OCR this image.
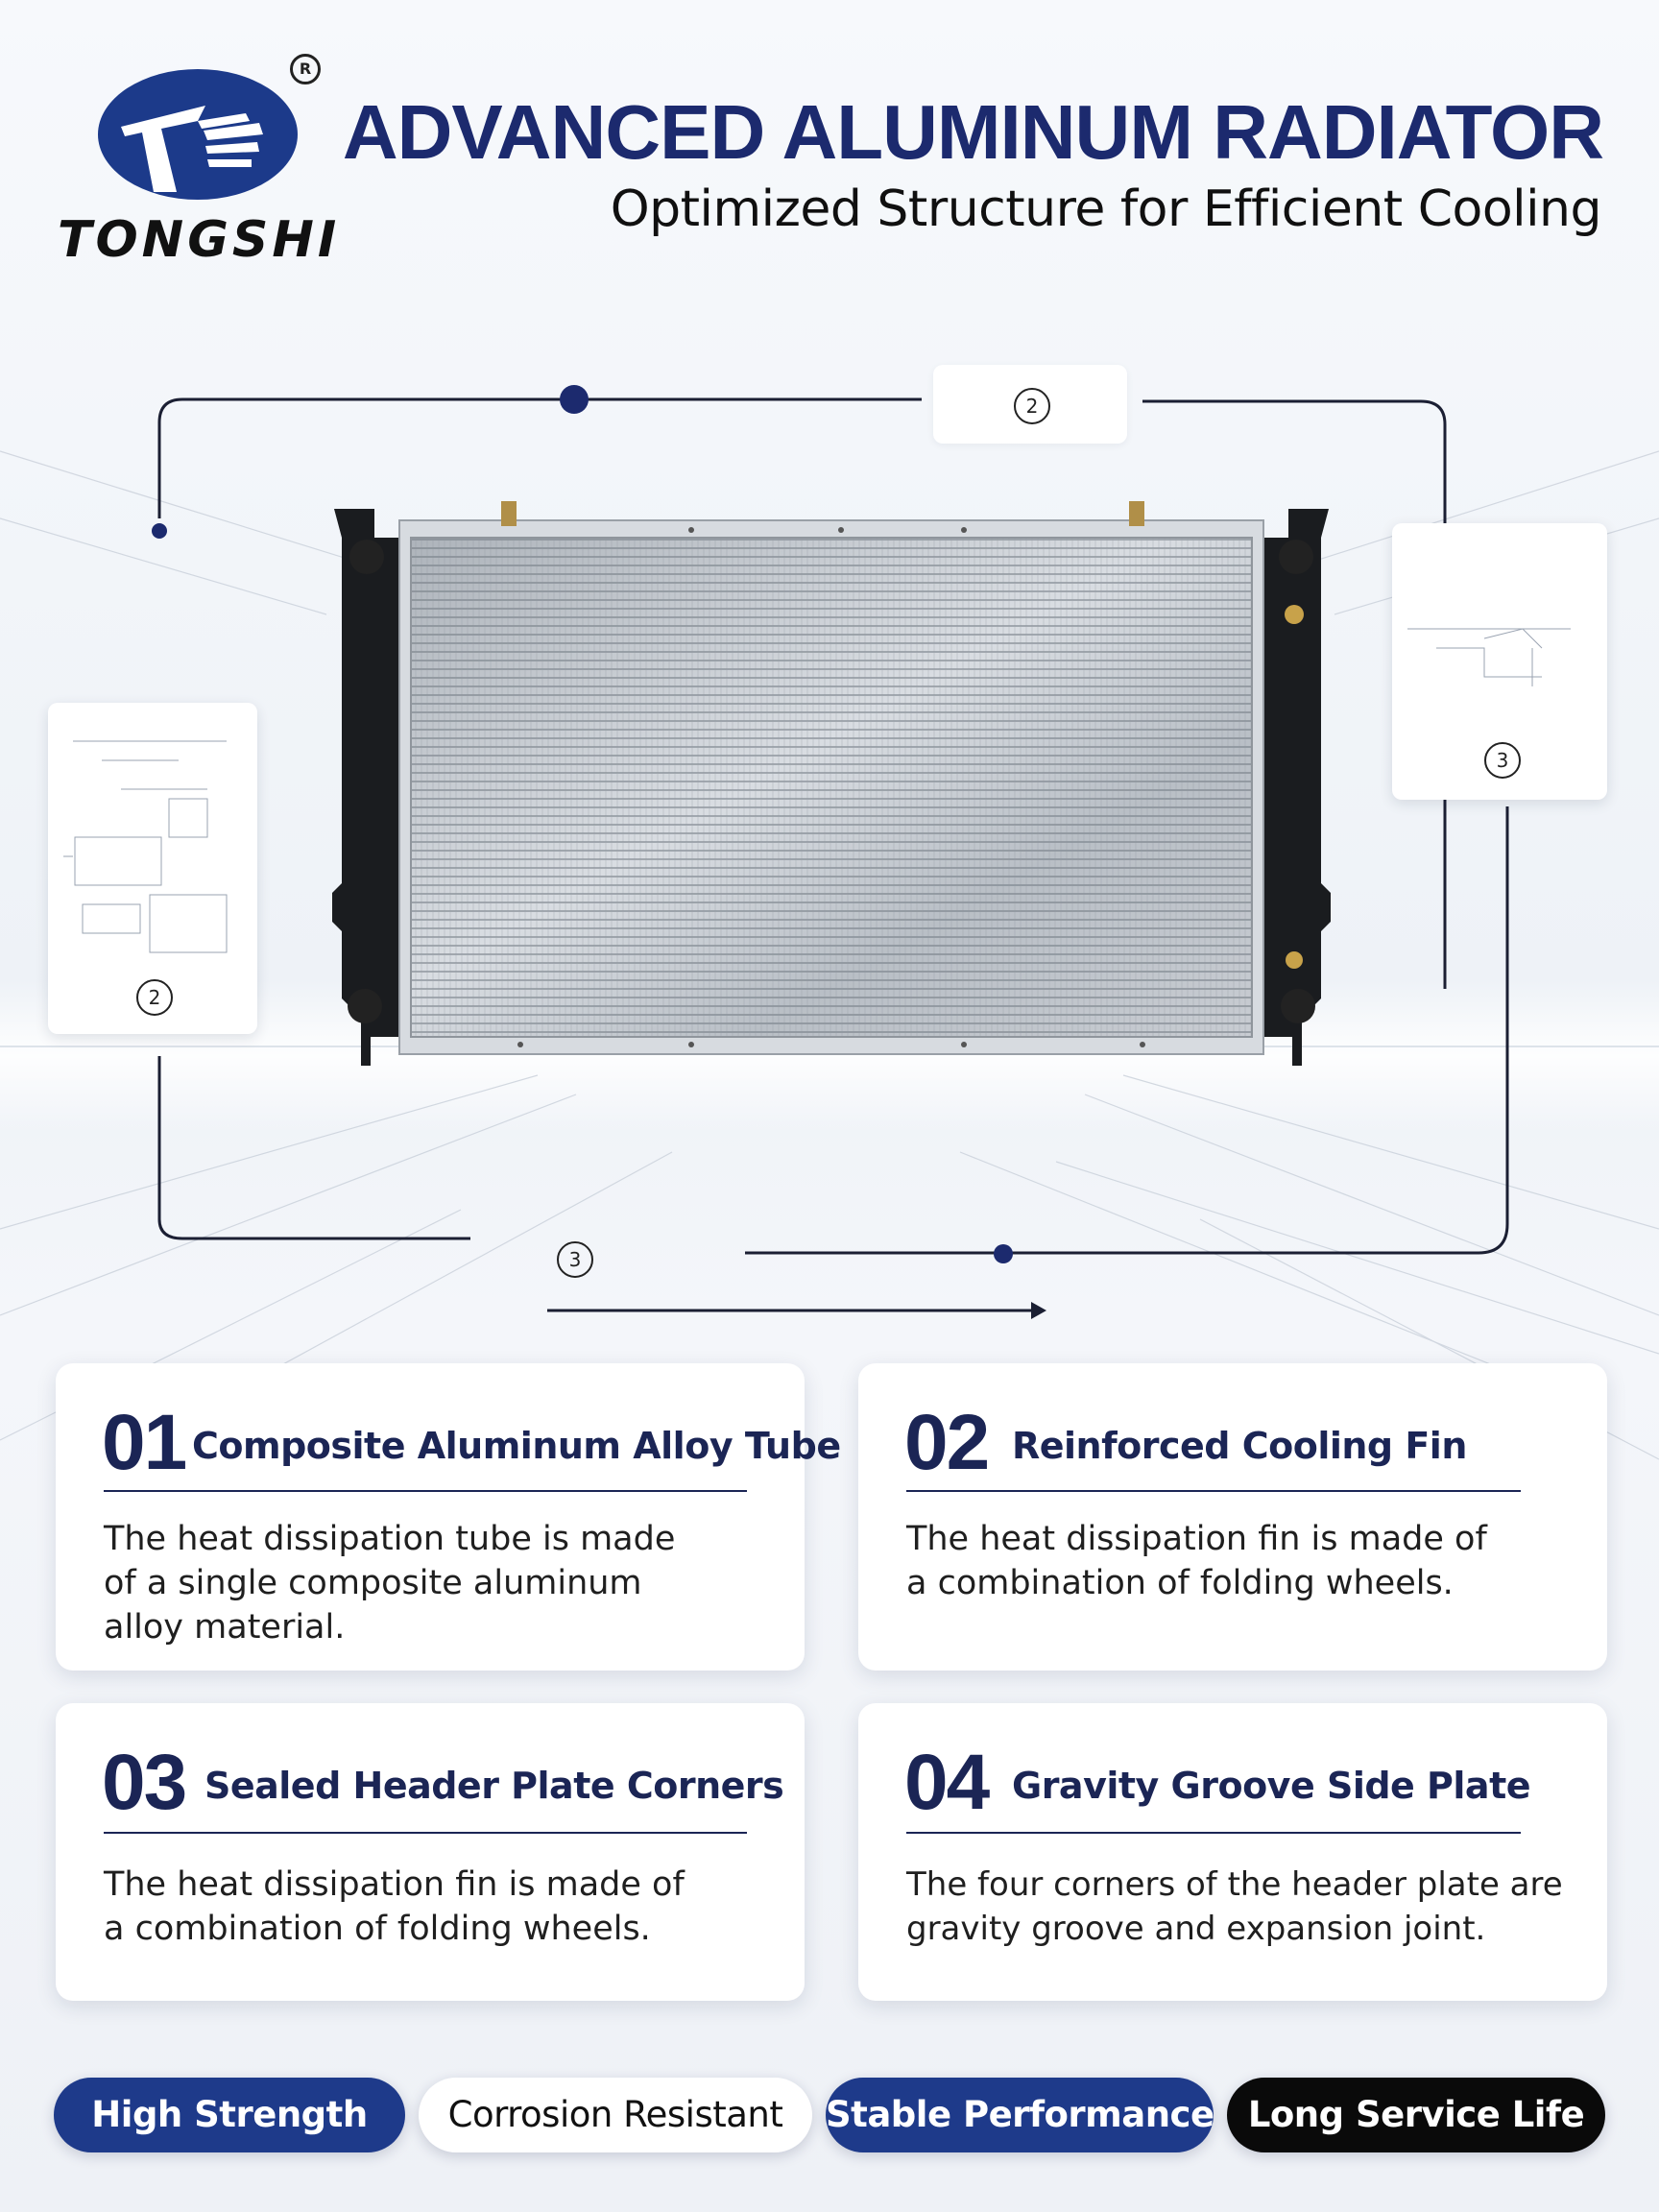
R
TONGSHI
ADVANCED ALUMINUM RADIATOR
Optimized Structure for Efficient Cooling
2
2
3
3
01 Composite Aluminum Alloy Tube
The heat dissipation tube is made
of a single composite aluminum
alloy material.
02 Reinforced Cooling Fin
The heat dissipation fin is made of
a combination of folding wheels.
03 Sealed Header Plate Corners
The heat dissipation fin is made of
a combination of folding wheels.
04 Gravity Groove Side Plate
The four corners of the header plate are
gravity groove and expansion joint.
High Strength	Corrosion Resistant	Stable Performance Long Service Life
